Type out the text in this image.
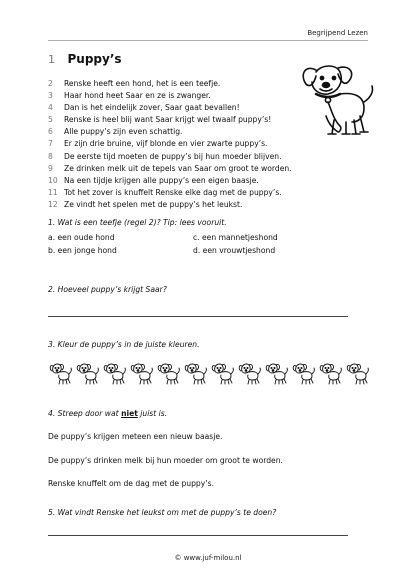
Begrijpend Lezen
1 Puppy’s
2 Renske heeft een hond, het is een teefje.
3 Haar hond heet Saar en ze is zwanger.
4 Dan is het eindelijk zover, Saar gaat bevallen!
5 Renske is heel blij want Saar krijgt wel twaalf puppy’s!
6 Alle puppy’s zijn even schattig.
7 Er zijn drie bruine, vijf blonde en vier zwarte puppy’s.
8 De eerste tijd moeten de puppy’s bij hun moeder blijven.
9 Ze drinken melk uit de tepels van Saar om groot te worden.
10 Na een tijdje krijgen alle puppy’s een eigen baasje.
11 Tot het zover is knuffelt Renske elke dag met de puppy’s.
12 Ze vindt het spelen met de puppy’s het leukst.
1. Wat is een teefje (regel 2)? Tip: lees vooruit.
a. een oude hond	c. een mannetjeshond
b. een jonge hond	d. een vrouwtjeshond
2. Hoeveel puppy’s krijgt Saar?
3. Kleur de puppy’s in de juiste kleuren.
4. Streep door wat niet juist is.
De puppy’s krijgen meteen een nieuw baasje.
De puppy’s drinken melk bij hun moeder om groot te worden.
Renske knuffelt om de dag met de puppy’s.
5. Wat vindt Renske het leukst om met de puppy’s te doen?
© www.juf-milou.nl
